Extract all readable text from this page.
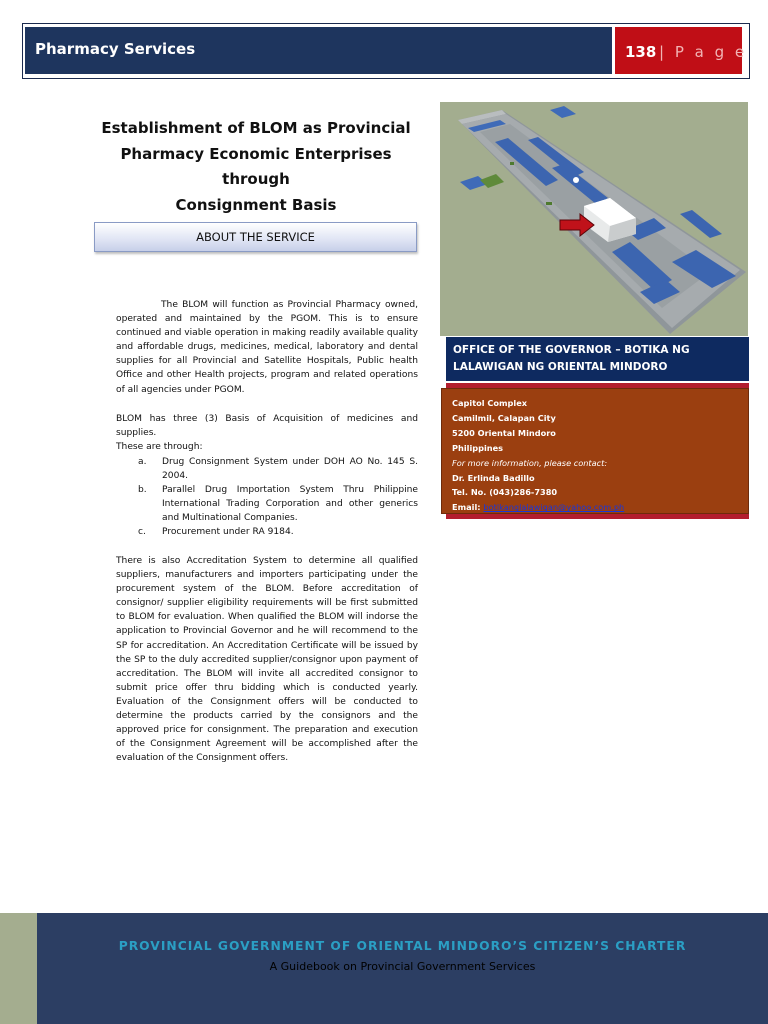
Pharmacy Services	138 | P a g e
Establishment of BLOM as Provincial
Pharmacy Economic Enterprises through
Consignment Basis
ABOUT THE SERVICE

The BLOM will function as Provincial Pharmacy owned, operated and maintained by the PGOM. This is to ensure continued and viable operation in making readily available quality and affordable drugs, medicines, medical, laboratory and dental supplies for all Provincial and Satellite Hospitals, Public health Office and other Health projects, program and related operations of all agencies under PGOM.

BLOM has three (3) Basis of Acquisition of medicines and supplies.

These are through:

a.	Drug Consignment System under DOH AO No. 145 S. 2004.
b.	Parallel Drug Importation System Thru Philippine International Trading Corporation and other generics and Multinational Companies.
c.	Procurement under RA 9184.

There is also Accreditation System to determine all qualified suppliers, manufacturers and importers participating under the procurement system of the BLOM. Before accreditation of consignor/ supplier eligibility requirements will be first submitted to BLOM for evaluation. When qualified the BLOM will indorse the application to Provincial Governor and he will recommend to the SP for accreditation. An Accreditation Certificate will be issued by the SP to the duly accredited supplier/consignor upon payment of accreditation. The BLOM will invite all accredited consignor to submit price offer thru bidding which is conducted yearly. Evaluation of the Consignment offers will be conducted to determine the products carried by the consignors and the approved price for consignment. The preparation and execution of the Consignment Agreement will be accomplished after the evaluation of the Consignment offers.

OFFICE OF THE GOVERNOR – BOTIKA NG LALAWIGAN NG ORIENTAL MINDORO
Capitol Complex
Camilmil, Calapan City
5200 Oriental Mindoro
Philippines
For more information, please contact:
Dr. Erlinda Badillo
Tel. No. (043)286-7380
Email: botikanglalawigan@yahoo.com.ph
PROVINCIAL GOVERNMENT OF ORIENTAL MINDORO’S CITIZEN’S CHARTER
A Guidebook on Provincial Government Services
